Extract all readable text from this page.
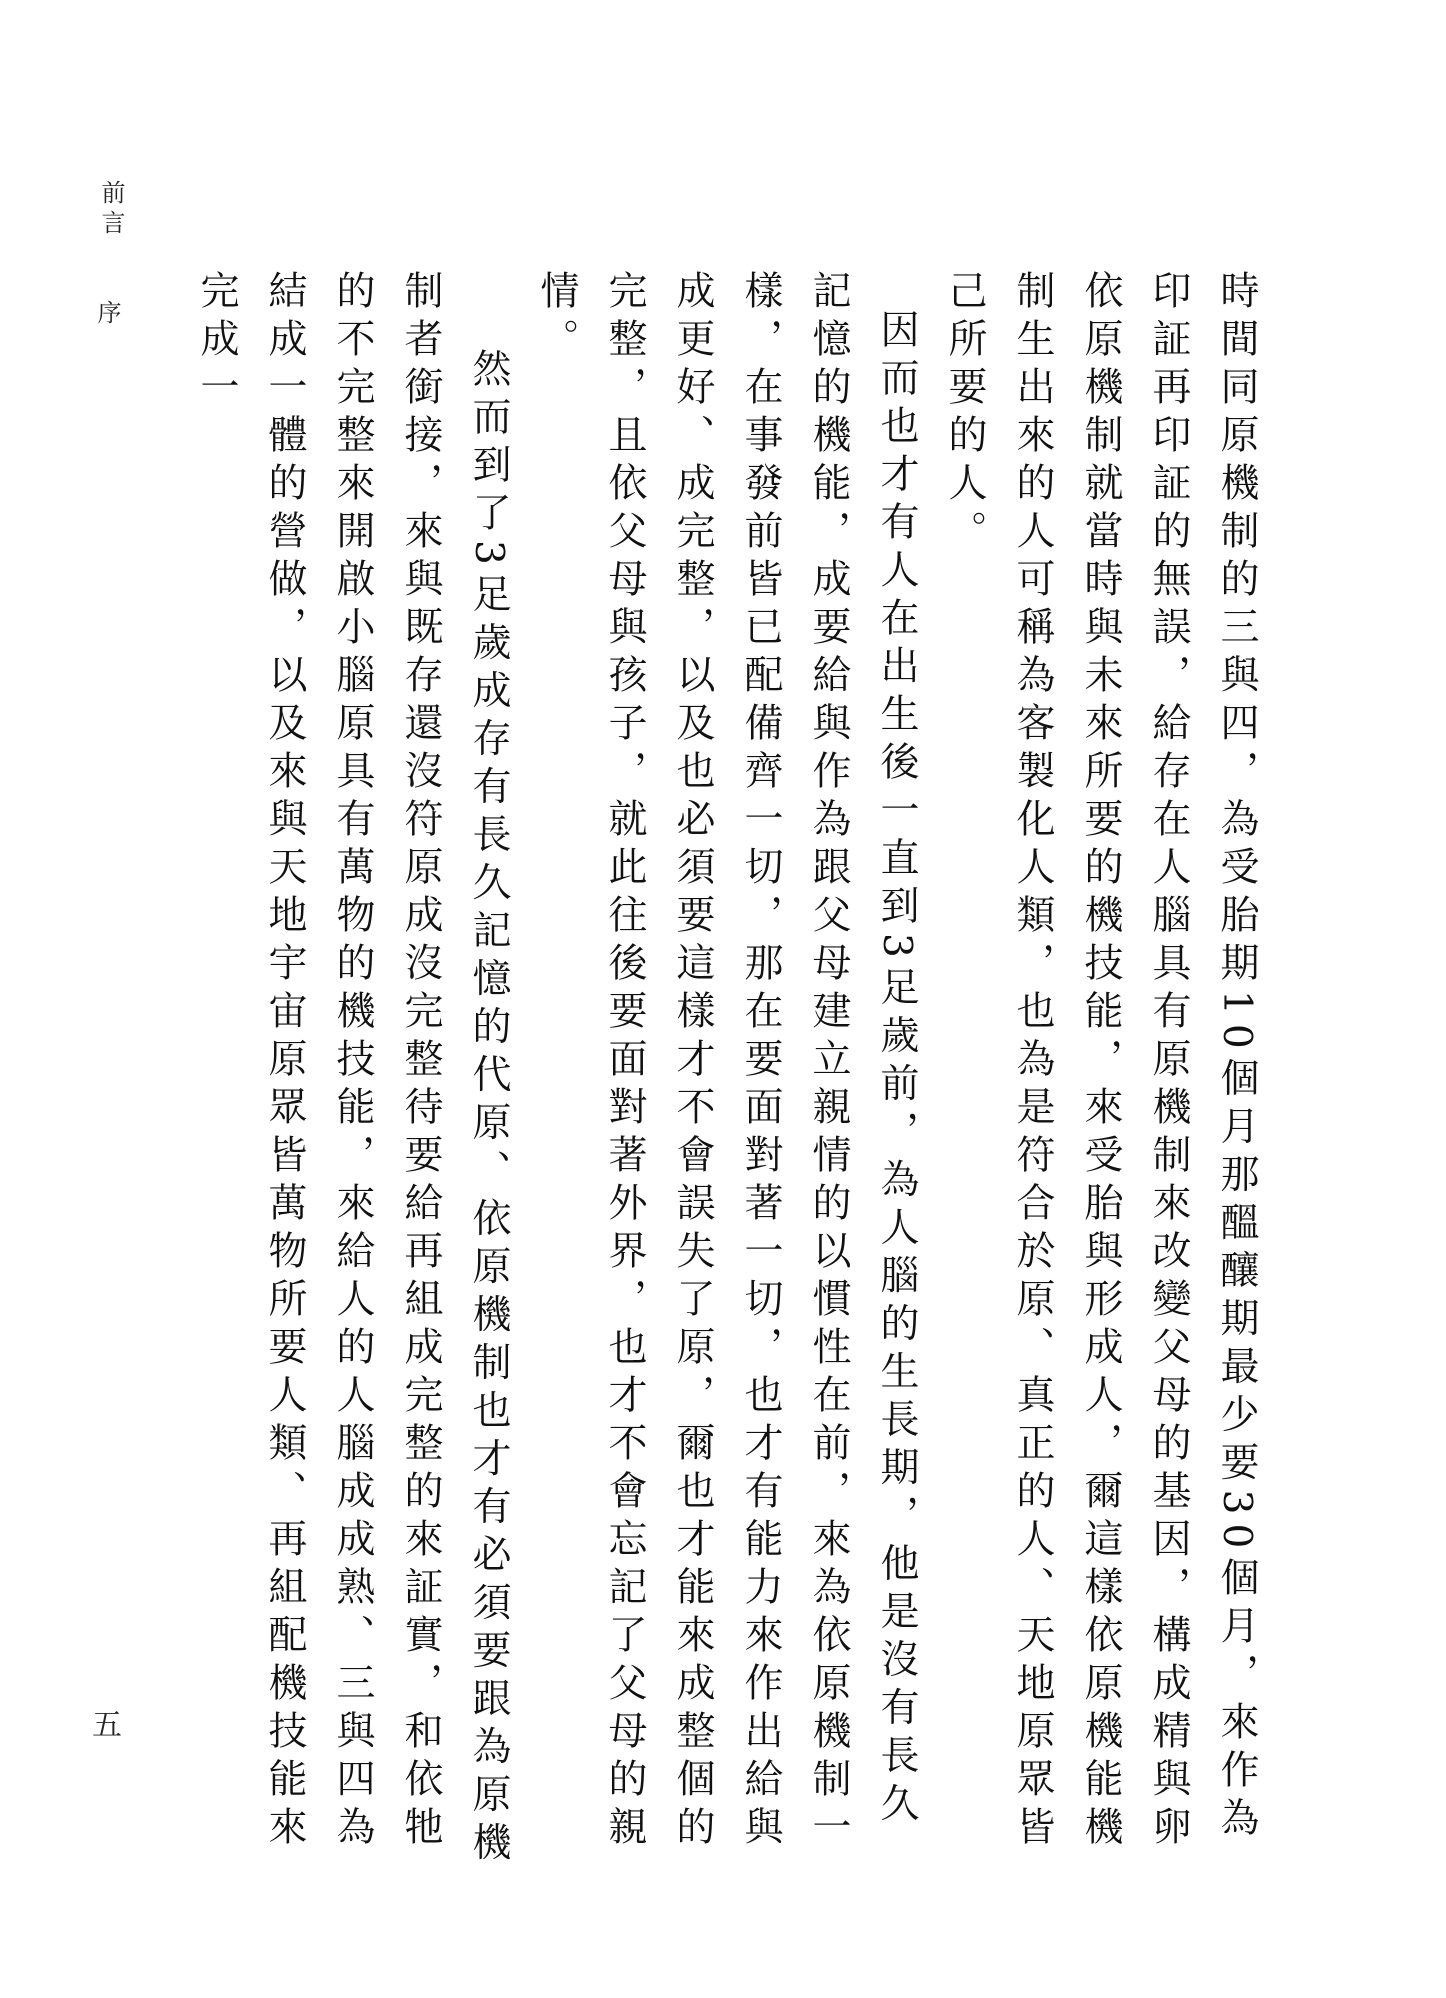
前言
序
五	時間同原機制的三與四，為受胎期10個月那醞釀期最少要30個月，來作為印証再印証的無誤，給存在人腦具有原機制來改變父母的基因，構成精與卵依原機制就當時與未來所要的機技能，來受胎與形成人，爾這樣依原機能機制生出來的人可稱為客製化人類，也為是符合於原、真正的人、天地原眾皆己所要的人。

因而也才有人在出生後一直到3足歲前，為人腦的生長期，他是沒有長久記憶的機能，成要給與作為跟父母建立親情的以慣性在前，來為依原機制一樣，在事發前皆已配備齊一切，那在要面對著一切，也才有能力來作出給與成更好、成完整，以及也必須要這樣才不會誤失了原，爾也才能來成整個的完整，且依父母與孩子，就此往後要面對著外界，也才不會忘記了父母的親情。

然而到了3足歲成存有長久記憶的代原、依原機制也才有必須要跟為原機制者銜接，來與既存還沒符原成沒完整待要給再組成完整的來証實，和依牠的不完整來開啟小腦原具有萬物的機技能，來給人的人腦成成熟、三與四為結成一體的營做，以及來與天地宇宙原眾皆萬物所要人類、再組配機技能來完成一
